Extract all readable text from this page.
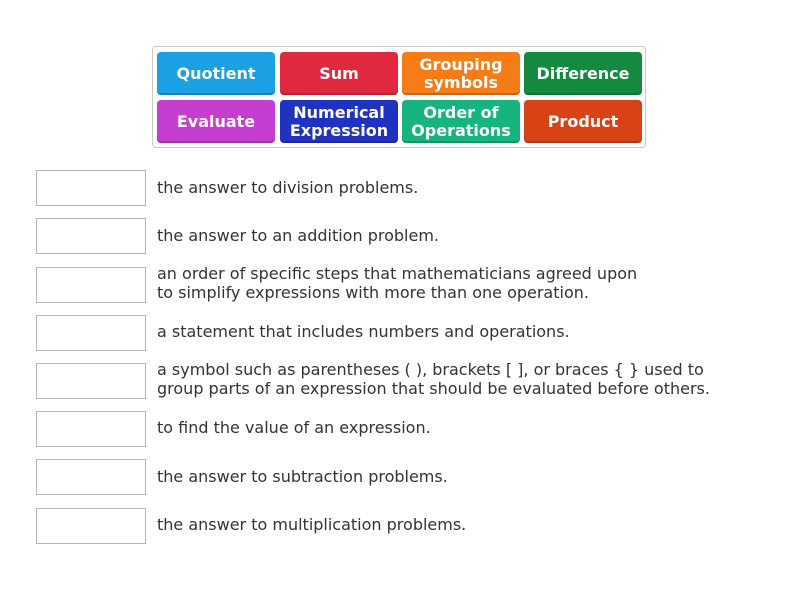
Quotient	Sum	Grouping
symbols	Difference
Evaluate	Numerical
Expression
Order of
Operations	Product
the answer to division problems.
the answer to an addition problem.
an order of specific steps that mathematicians agreed upon
to simplify expressions with more than one operation.
a statement that includes numbers and operations.
a symbol such as parentheses ( ), brackets [ ], or braces { } used to
group parts of an expression that should be evaluated before others.
to find the value of an expression.
the answer to subtraction problems.
the answer to multiplication problems.
